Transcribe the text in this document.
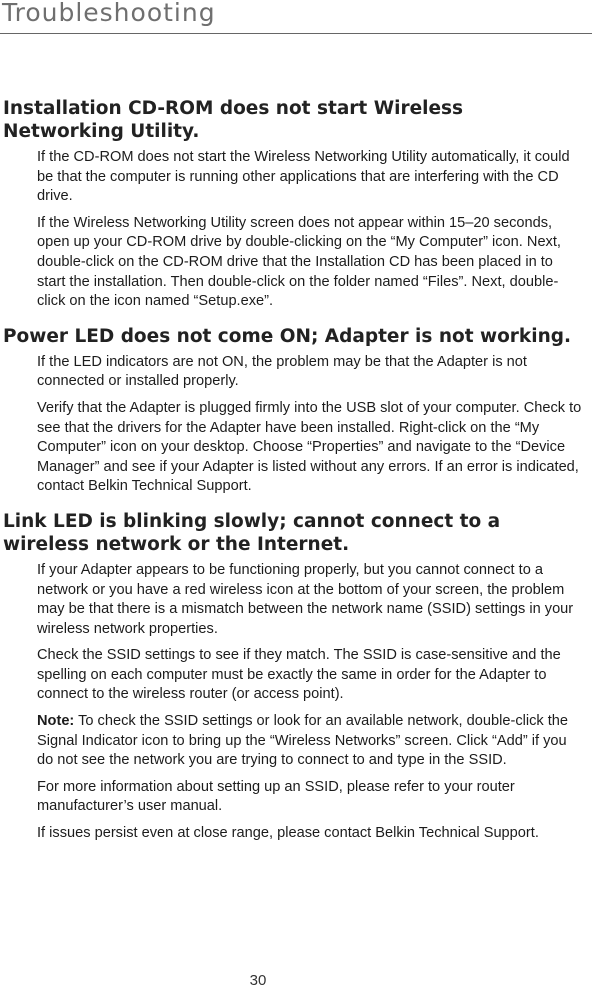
Troubleshooting
Installation CD-ROM does not start Wireless Networking Utility.

If the CD-ROM does not start the Wireless Networking Utility automatically, it could be that the computer is running other applications that are interfering with the CD drive.

If the Wireless Networking Utility screen does not appear within 15–20 seconds, open up your CD-ROM drive by double-clicking on the “My Computer” icon. Next, double-click on the CD-ROM drive that the Installation CD has been placed in to start the installation. Then double-click on the folder named “Files”. Next, double-click on the icon named “Setup.exe”.

Power LED does not come ON; Adapter is not working.

If the LED indicators are not ON, the problem may be that the Adapter is not connected or installed properly.

Verify that the Adapter is plugged firmly into the USB slot of your computer. Check to see that the drivers for the Adapter have been installed. Right-click on the “My Computer” icon on your desktop. Choose “Properties” and navigate to the “Device Manager” and see if your Adapter is listed without any errors. If an error is indicated, contact Belkin Technical Support.

Link LED is blinking slowly; cannot connect to a wireless network or the Internet.

If your Adapter appears to be functioning properly, but you cannot connect to a network or you have a red wireless icon at the bottom of your screen, the problem may be that there is a mismatch between the network name (SSID) settings in your wireless network properties.

Check the SSID settings to see if they match. The SSID is case-sensitive and the spelling on each computer must be exactly the same in order for the Adapter to connect to the wireless router (or access point).

Note: To check the SSID settings or look for an available network, double-click the Signal Indicator icon to bring up the “Wireless Networks” screen. Click “Add” if you do not see the network you are trying to connect to and type in the SSID.

For more information about setting up an SSID, please refer to your router manufacturer’s user manual.

If issues persist even at close range, please contact Belkin Technical Support.

30
